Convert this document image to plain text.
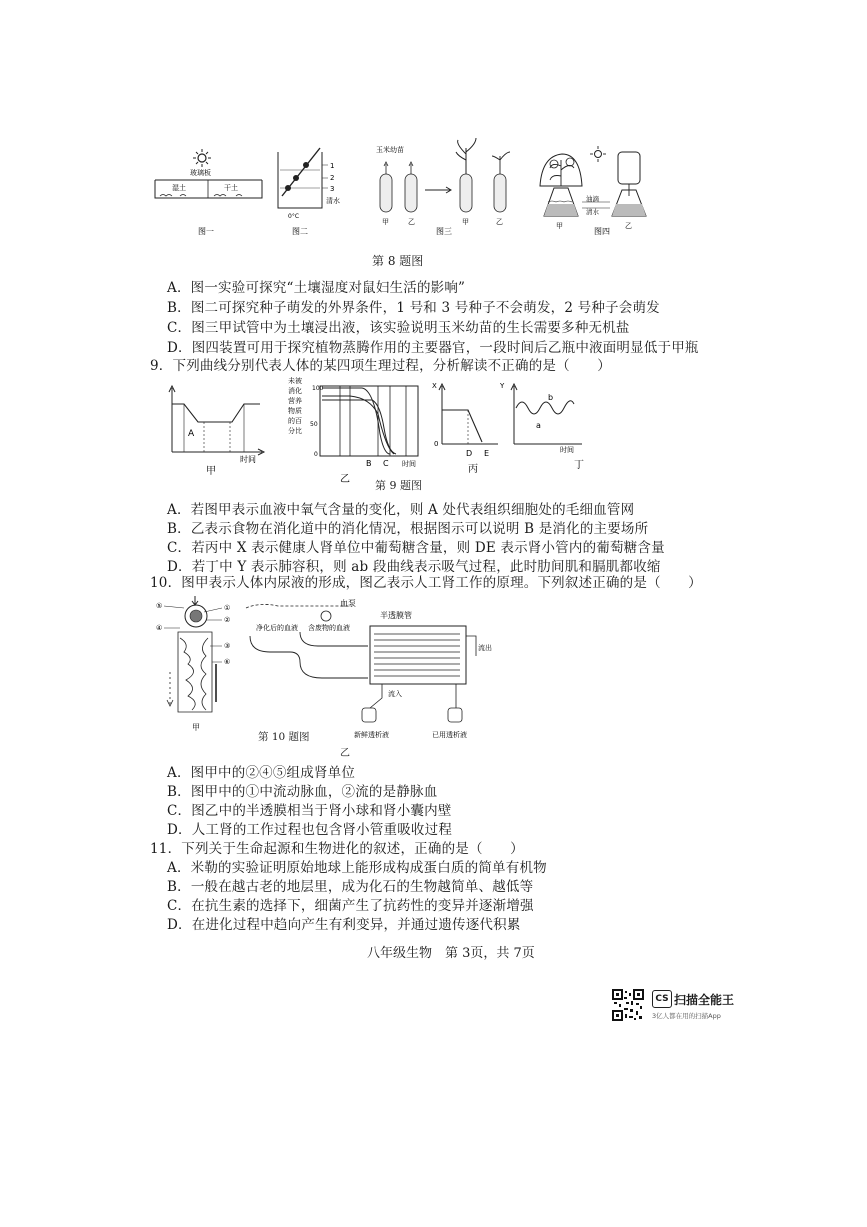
玻璃板
湿土	干土
图一
1
2
3
清水
0°C
图二
玉米幼苗
甲	乙	甲	乙
图三
油滴
清水
甲	乙
图四
第 8 题图
A．图一实验可探究“土壤湿度对鼠妇生活的影响”
B．图二可探究种子萌发的外界条件，1 号和 3 号种子不会萌发，2 号种子会萌发
C．图三甲试管中为土壤浸出液，该实验说明玉米幼苗的生长需要多种无机盐
D．图四装置可用于探究植物蒸腾作用的主要器官，一段时间后乙瓶中液面明显低于甲瓶
9．下列曲线分别代表人体的某四项生理过程，分析解读不正确的是（　　）
A
时间
甲
未被
消化
营养
物质
的百
分比
100
50
0
B C 时间
乙
X
0
D E
丙
Y
a
b
时间
丁
第 9 题图
A．若图甲表示血液中氧气含量的变化，则 A 处代表组织细胞处的毛细血管网
B．乙表示食物在消化道中的消化情况，根据图示可以说明 B 是消化的主要场所
C．若丙中 X 表示健康人肾单位中葡萄糖含量，则 DE 表示肾小管内的葡萄糖含量
D．若丁中 Y 表示肺容积，则 ab 段曲线表示吸气过程，此时肋间肌和膈肌都收缩
10．图甲表示人体内尿液的形成，图乙表示人工肾工作的原理。下列叙述正确的是（　　）
⑤
④
①
②
③
⑥
甲
血泵
净化后的血液 含废物的血液
半透膜管
流出
流入
新鲜透析液	已用透析液
第 10 题图
乙
A．图甲中的②④⑤组成肾单位
B．图甲中的①中流动脉血，②流的是静脉血
C．图乙中的半透膜相当于肾小球和肾小囊内壁
D．人工肾的工作过程也包含肾小管重吸收过程
11．下列关于生命起源和生物进化的叙述，正确的是（　　）
A．米勒的实验证明原始地球上能形成构成蛋白质的简单有机物
B．一般在越古老的地层里，成为化石的生物越简单、越低等
C．在抗生素的选择下，细菌产生了抗药性的变异并逐渐增强
D．在进化过程中趋向产生有利变异，并通过遗传逐代积累
八年级生物　第 3页，共 7页
CS 扫描全能王
3亿人都在用的扫描App
